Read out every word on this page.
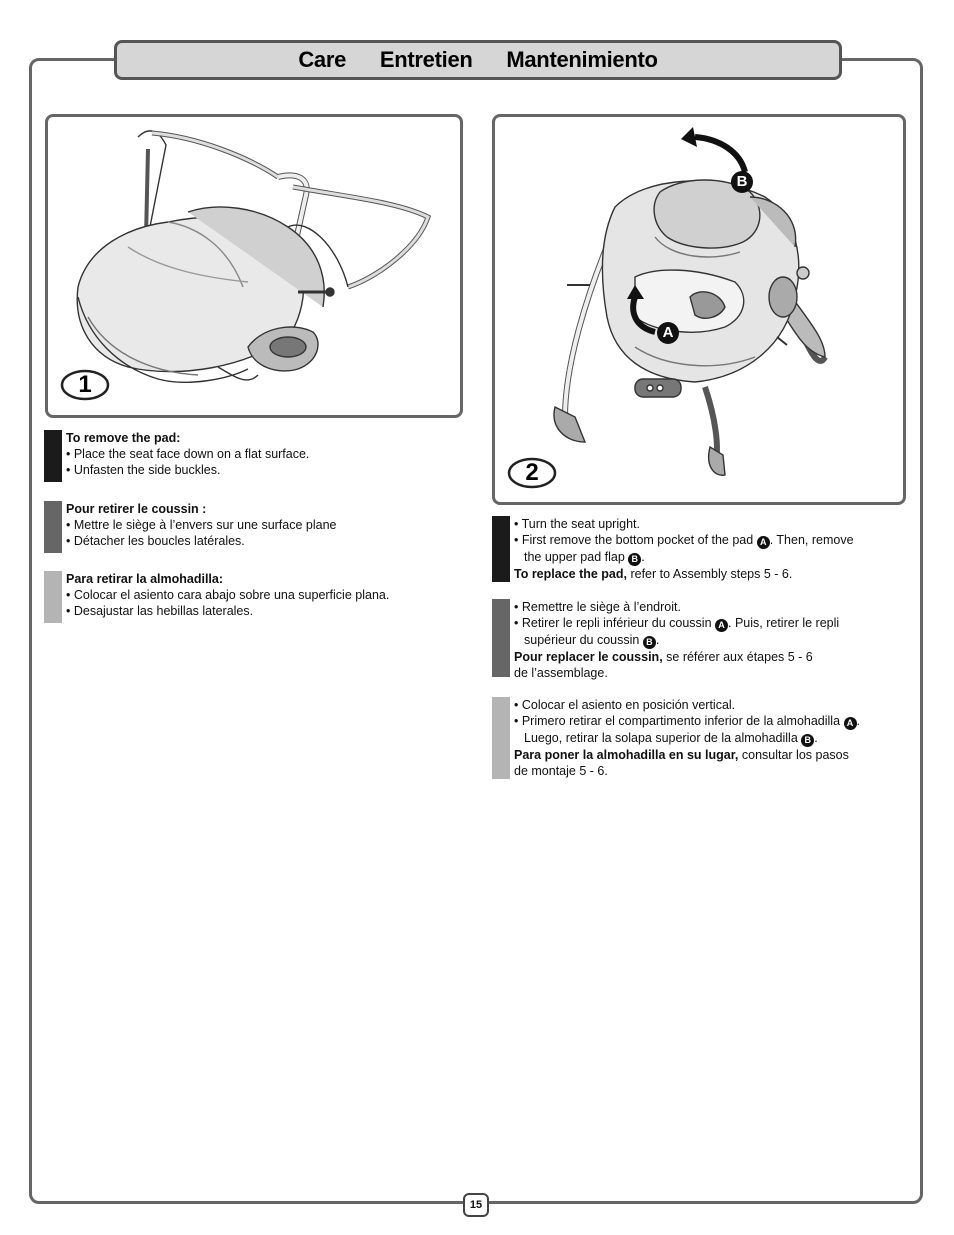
Care Entretien Mantenimiento
1
B
A
2
To remove the pad:
• Place the seat face down on a flat surface.
• Unfasten the side buckles.
Pour retirer le coussin :
• Mettre le siège à l’envers sur une surface plane
• Détacher les boucles latérales.
Para retirar la almohadilla:
• Colocar el asiento cara abajo sobre una superficie plana.
• Desajustar las hebillas laterales.
• Turn the seat upright.
• First remove the bottom pocket of the pad A . Then, remove
the upper pad flap B .
To replace the pad, refer to Assembly steps 5 - 6.
• Remettre le siège à l’endroit.
• Retirer le repli inférieur du coussin A . Puis, retirer le repli
supérieur du coussin B .
Pour replacer le coussin, se référer aux étapes 5 - 6
de l’assemblage.
• Colocar el asiento en posición vertical.
• Primero retirar el compartimento inferior de la almohadilla A .
Luego, retirar la solapa superior de la almohadilla B .
Para poner la almohadilla en su lugar, consultar los pasos
de montaje 5 - 6.
15
